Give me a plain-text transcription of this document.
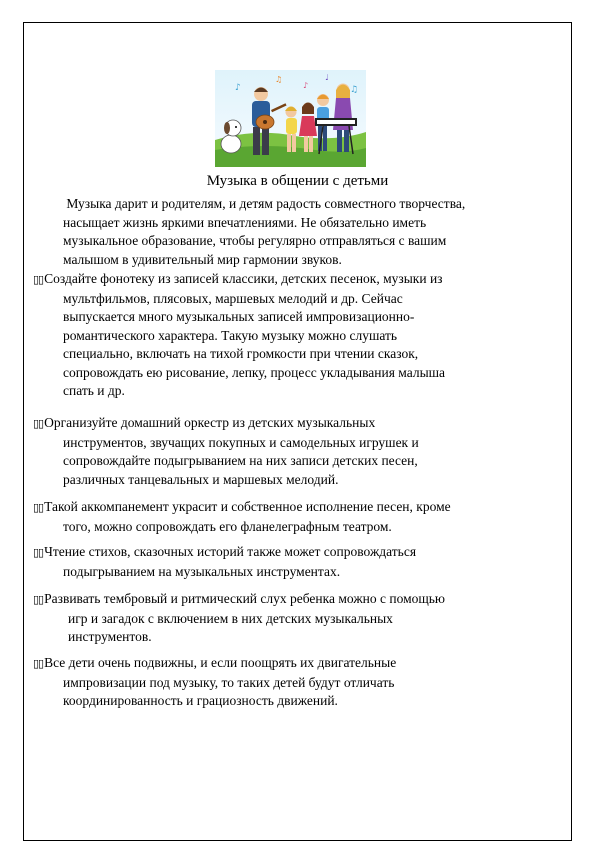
♪
♫
♪
♩
♫
Музыка в общении с детьми
Музыка дарит и родителям, и детям радость совместного творчества,
насыщает жизнь яркими впечатлениями. Не обязательно иметь
музыкальное образование, чтобы регулярно отправляться с вашим
малышом в удивительный мир гармонии звуков.
▯▯Создайте фонотеку из записей классики, детских песенок, музыки из
мультфильмов, плясовых, маршевых мелодий и др. Сейчас
выпускается много музыкальных записей импровизационно-
романтического характера. Такую музыку можно слушать
специально, включать на тихой громкости при чтении сказок,
сопровождать ею рисование, лепку, процесс укладывания малыша
спать и др.
▯▯Организуйте домашний оркестр из детских музыкальных
инструментов, звучащих покупных и самодельных игрушек и
сопровождайте подыгрыванием на них записи детских песен,
различных танцевальных и маршевых мелодий.
▯▯Такой аккомпанемент украсит и собственное исполнение песен, кроме
того, можно сопровождать его фланелеграфным театром.
▯▯Чтение стихов, сказочных историй также может сопровождаться
подыгрыванием на музыкальных инструментах.
▯▯Развивать тембровый и ритмический слух ребенка можно с помощью
игр и загадок с включением в них детских музыкальных
инструментов.
▯▯Все дети очень подвижны, и если поощрять их двигательные
импровизации под музыку, то таких детей будут отличать
координированность и грациозность движений.
